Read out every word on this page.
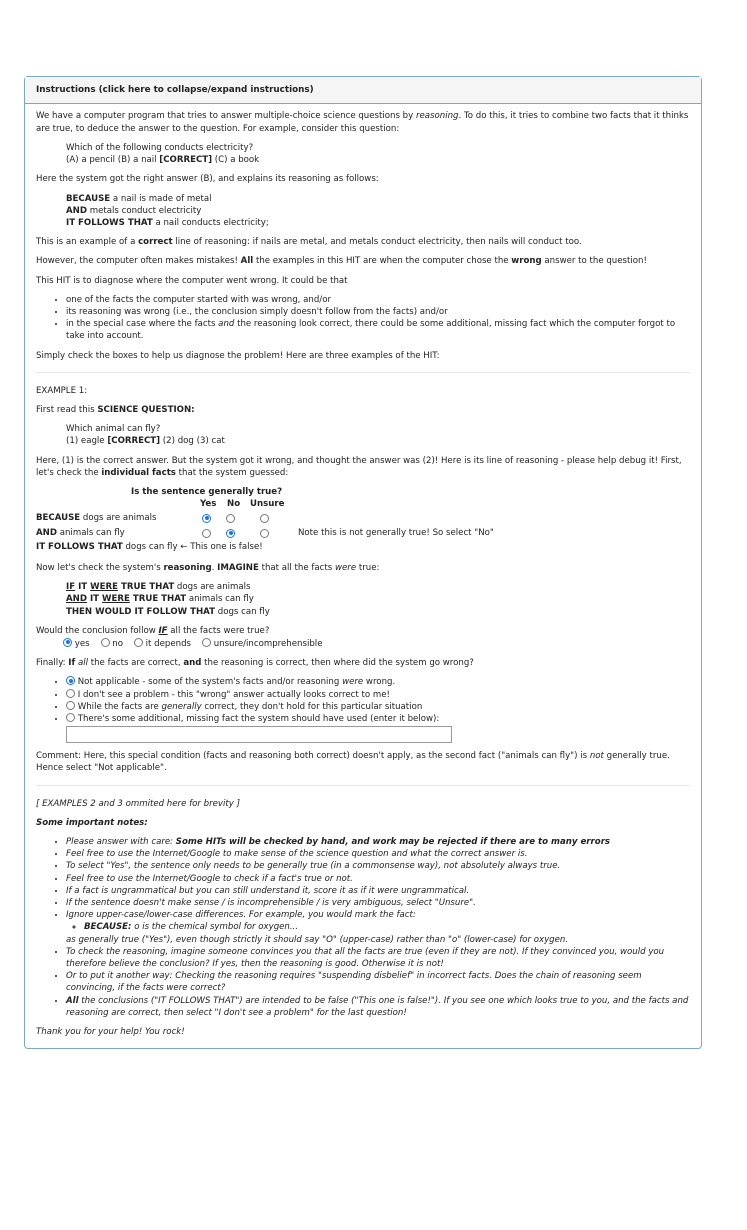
Instructions (click here to collapse/expand instructions)

We have a computer program that tries to answer multiple-choice science questions by reasoning. To do this, it tries to combine two facts that it thinks are true, to deduce the answer to the question. For example, consider this question:

Which of the following conducts electricity?
(A) a pencil (B) a nail [CORRECT] (C) a book

Here the system got the right answer (B), and explains its reasoning as follows:

BECAUSE a nail is made of metal
AND metals conduct electricity
IT FOLLOWS THAT a nail conducts electricity;

This is an example of a correct line of reasoning: if nails are metal, and metals conduct electricity, then nails will conduct too.

However, the computer often makes mistakes! All the examples in this HIT are when the computer chose the wrong answer to the question!

This HIT is to diagnose where the computer went wrong. It could be that

• one of the facts the computer started with was wrong, and/or
• its reasoning was wrong (i.e., the conclusion simply doesn't follow from the facts) and/or
• in the special case where the facts and the reasoning look correct, there could be some additional, missing fact which the computer forgot to take into account.

Simply check the boxes to help us diagnose the problem! Here are three examples of the HIT:

EXAMPLE 1:

First read this SCIENCE QUESTION:

Which animal can fly?
(1) eagle [CORRECT] (2) dog (3) cat

Here, (1) is the correct answer. But the system got it wrong, and thought the answer was (2)! Here is its line of reasoning - please help debug it! First, let's check the individual facts that the system guessed:

Is the sentence generally true?
Yes No Unsure
BECAUSE dogs are animals
AND animals can fly	Note this is not generally true! So select "No"
IT FOLLOWS THAT dogs can fly ← This one is false!

Now let's check the system's reasoning. IMAGINE that all the facts were true:

IF IT WERE TRUE THAT dogs are animals
AND IT WERE TRUE THAT animals can fly
THEN WOULD IT FOLLOW THAT dogs can fly

Would the conclusion follow IF all the facts were true?

yes	no	it depends	unsure/incomprehensible

Finally: If all the facts are correct, and the reasoning is correct, then where did the system go wrong?

• Not applicable - some of the system's facts and/or reasoning were wrong.
• I don't see a problem - this "wrong" answer actually looks correct to me!
• While the facts are generally correct, they don't hold for this particular situation
• There's some additional, missing fact the system should have used (enter it below):

Comment: Here, this special condition (facts and reasoning both correct) doesn't apply, as the second fact ("animals can fly") is not generally true. Hence select "Not applicable".

[ EXAMPLES 2 and 3 ommited here for brevity ]

Some important notes:

• Please answer with care: Some HITs will be checked by hand, and work may be rejected if there are to many errors
• Feel free to use the Internet/Google to make sense of the science question and what the correct answer is.
• To select "Yes", the sentence only needs to be generally true (in a commonsense way), not absolutely always true.
• Feel free to use the Internet/Google to check if a fact's true or not.
• If a fact is ungrammatical but you can still understand it, score it as if it were ungrammatical.
• If the sentence doesn't make sense / is incomprehensible / is very ambiguous, select "Unsure".
• Ignore upper-case/lower-case differences. For example, you would mark the fact:
◦ BECAUSE: o is the chemical symbol for oxygen...
as generally true ("Yes"), even though strictly it should say "O" (upper-case) rather than "o" (lower-case) for oxygen.
• To check the reasoning, imagine someone convinces you that all the facts are true (even if they are not). If they convinced you, would you therefore believe the conclusion? If yes, then the reasoning is good. Otherwise it is not!
• Or to put it another way: Checking the reasoning requires "suspending disbelief" in incorrect facts. Does the chain of reasoning seem convincing, if the facts were correct?
• All the conclusions ("IT FOLLOWS THAT") are intended to be false ("This one is false!"). If you see one which looks true to you, and the facts and reasoning are correct, then select "I don't see a problem" for the last question!

Thank you for your help! You rock!
